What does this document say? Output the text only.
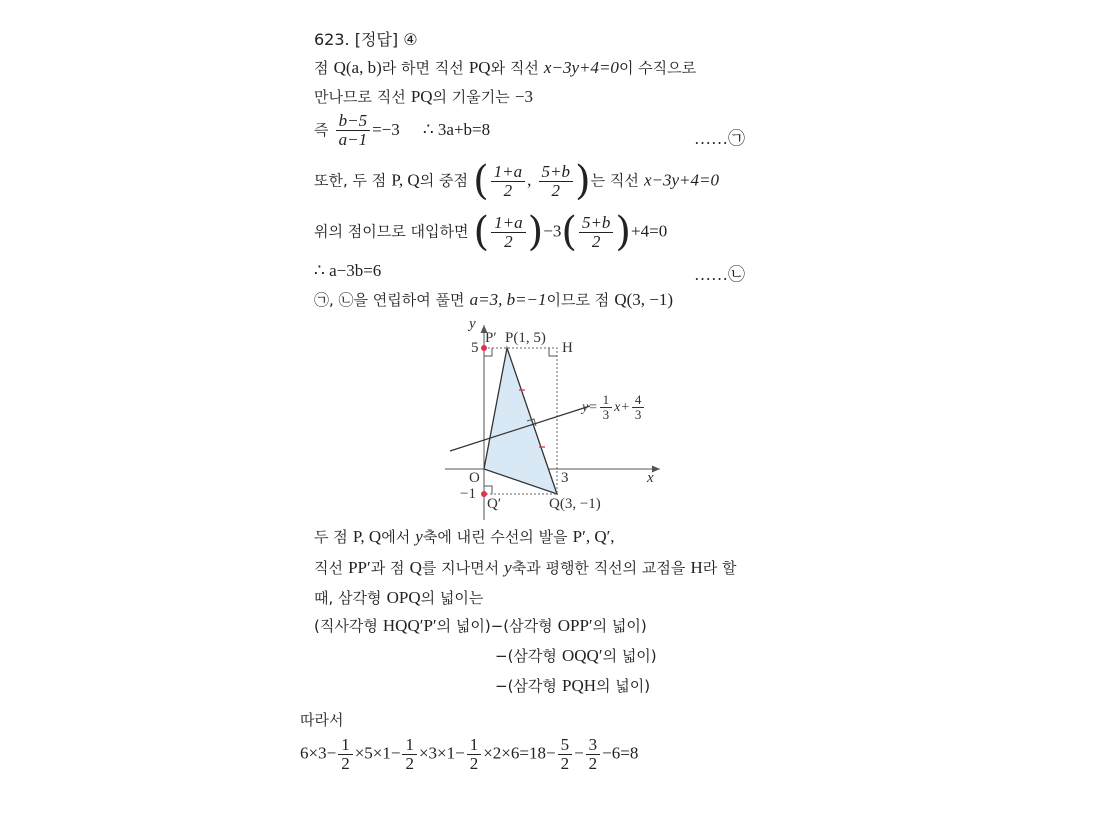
623. [정답] ④
점 Q(a, b)라 하면 직선 PQ와 직선 x−3y+4=0이 수직으로
만나므로 직선 PQ의 기울기는 −3
즉 $\frac{b-5}{a-1} =-3$ ∴ 3a+b=8	……㉠
또한, 두 점 P, Q의 중점 ( $\frac{1+a}{2}$ , $\frac{5+b}{2}$ )는 직선 x−3y+4=0
위의 점이므로 대입하면 ( $\frac{1+a}{2} )-3( \frac{5+b}{2} )+4=0$
∴ a−3b=6	……㉡
㉠, ㉡을 연립하여 풀면 a=3, b=−1이므로 점 Q(3, −1)
y
x
O
P′ P(1, 5)
H
5
3
−1
Q′	Q(3, −1)
$y= \frac{1}{3} x+ \frac{4}{3}$
두 점 P, Q에서 y축에 내린 수선의 발을 P′, Q′,
직선 PP′과 점 Q를 지나면서 y축과 평행한 직선의 교점을 H라 할
때, 삼각형 OPQ의 넓이는
(직사각형 HQQ′P′의 넓이)−(삼각형 OPP′의 넓이)
−(삼각형 OQQ′의 넓이)
−(삼각형 PQH의 넓이)
따라서
$6\times 3- \frac{1}{2} \times 5\times 1- \frac{1}{2} \times 3\times 1- \frac{1}{2} \times 2\times 6=18- \frac{5}{2} - \frac{3}{2} -6=8$
